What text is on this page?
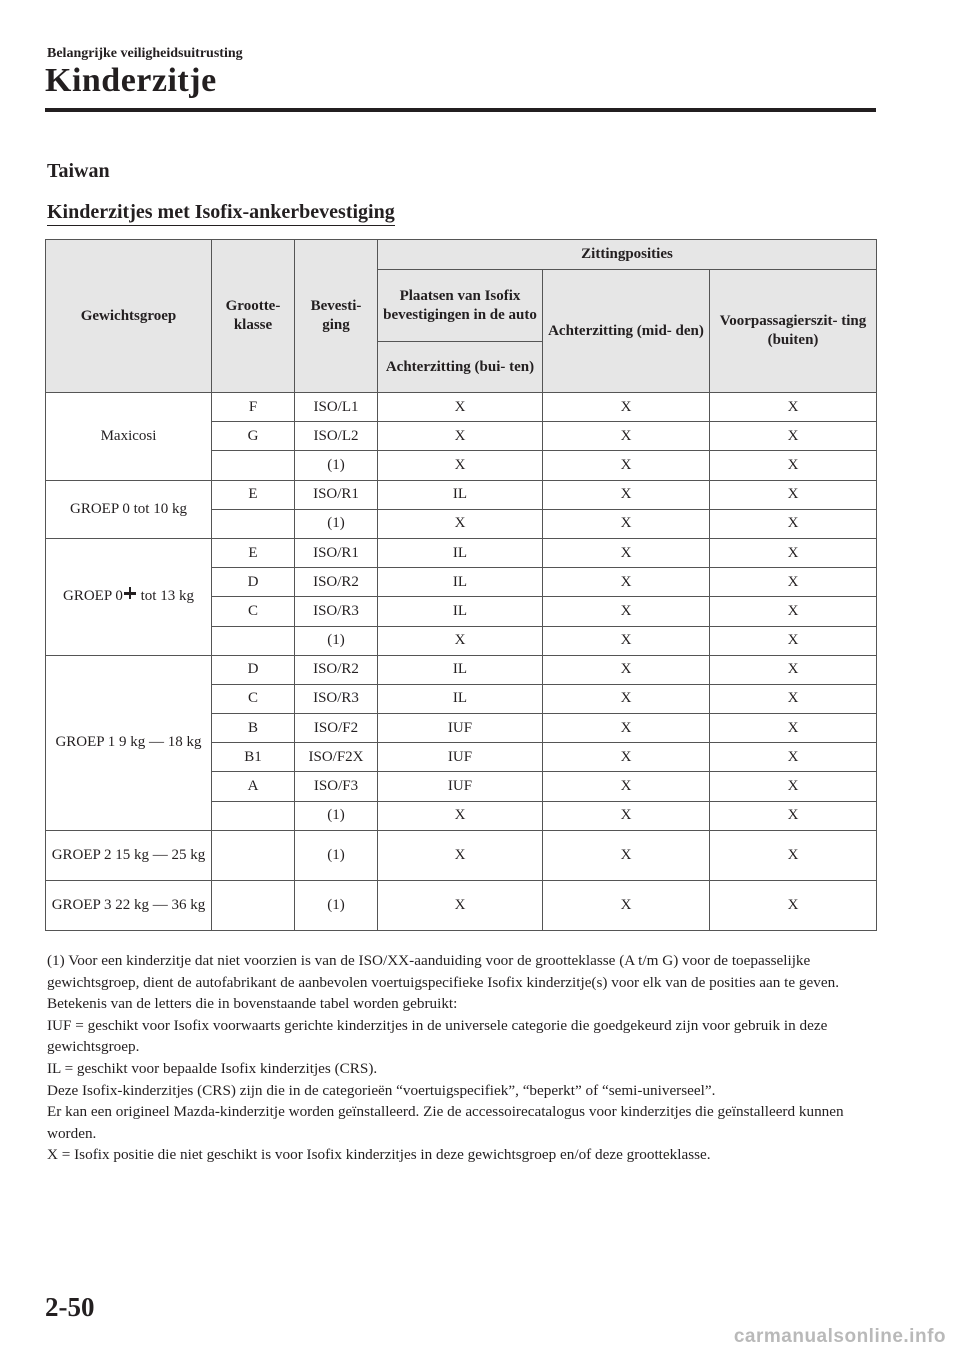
Belangrijke veiligheidsuitrusting
Kinderzitje
Taiwan
Kinderzitjes met Isofix-ankerbevestiging
Gewichtsgroep	Grootte- klasse	Bevesti- ging	Zittingposities		
			Plaatsen van Isofix bevestigingen in de auto	Achterzitting (mid- den)	Voorpassagierszit- ting (buiten)
			Achterzitting (bui- ten)		
Maxicosi	F	ISO/L1	X	X	X
	G	ISO/L2	X	X	X
		(1)	X	X	X
GROEP 0 tot 10 kg	E	ISO/R1	IL	X	X
		(1)	X	X	X
GROEP 0 tot 13 kg	E	ISO/R1	IL	X	X
	D	ISO/R2	IL	X	X
	C	ISO/R3	IL	X	X
		(1)	X	X	X
GROEP 1 9 kg ― 18 kg	D	ISO/R2	IL	X	X
	C	ISO/R3	IL	X	X
	B	ISO/F2	IUF	X	X
	B1	ISO/F2X	IUF	X	X
	A	ISO/F3	IUF	X	X
		(1)	X	X	X
GROEP 2 15 kg ― 25 kg		(1)	X	X	X
GROEP 3 22 kg ― 36 kg		(1)	X	X	X

(1) Voor een kinderzitje dat niet voorzien is van de ISO/XX-aanduiding voor de grootteklasse (A t/m G) voor de toepasselijke gewichtsgroep, dient de autofabrikant de aanbevolen voertuigspecifieke Isofix kinderzitje(s) voor elk van de posities aan te geven.

Betekenis van de letters die in bovenstaande tabel worden gebruikt:

IUF = geschikt voor Isofix voorwaarts gerichte kinderzitjes in de universele categorie die goedgekeurd zijn voor gebruik in deze gewichtsgroep.

IL = geschikt voor bepaalde Isofix kinderzitjes (CRS).

Deze Isofix-kinderzitjes (CRS) zijn die in de categorieën “voertuigspecifiek”, “beperkt” of “semi-universeel”.

Er kan een origineel Mazda-kinderzitje worden geïnstalleerd. Zie de accessoirecatalogus voor kinderzitjes die geïnstalleerd kunnen worden.

X = Isofix positie die niet geschikt is voor Isofix kinderzitjes in deze gewichtsgroep en/of deze grootteklasse.

2-50
carmanualsonline.info
